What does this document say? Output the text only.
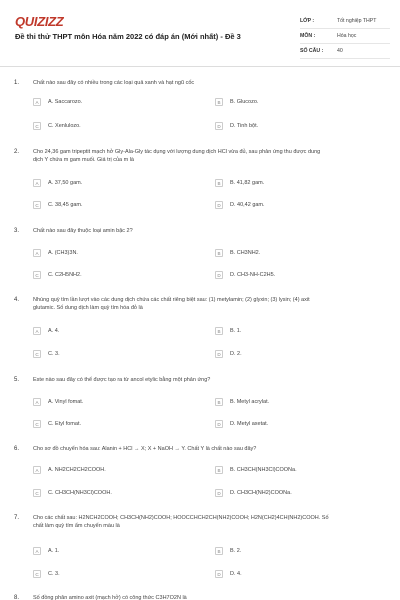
QUIZIZZ
Đề thi thử THPT môn Hóa năm 2022 có đáp án (Mới nhất) - Đề 3
LỚP :	Tốt nghiệp THPT
MÔN :	Hóa học
SỐ CÂU :	40
1.	Chất nào sau đây có nhiều trong các loại quả xanh và hạt ngũ cốc
A	A. Saccarozo.	B	B. Glucozo.
C	C. Xenlulozo.	D	D. Tinh bột.
2.	Cho 24,36 gam tripeptit mạch hở Gly-Ala-Gly tác dụng với lượng dung dịch HCl vừa đủ, sau phản ứng thu được dung
dịch Y chứa m gam muối. Giá trị của m là
A	A. 37,50 gam.	B	B. 41,82 gam.
C	C. 38,45 gam.	D	D. 40,42 gam.
3.	Chất nào sau đây thuộc loại amin bậc 2?
A	A. (CH3)3N.	B	B. CH3NH2.
C	C. C2H5NH2.	D	D. CH3-NH-C2H5.
4.	Nhúng quỳ tím lần lượt vào các dung dịch chứa các chất riêng biệt sau: (1) metylamin; (2) glyxin; (3) lysin; (4) axit
glutamic. Số dung dịch làm quỳ tím hóa đỏ là
A	A. 4.	B	B. 1.
C	C. 3.	D	D. 2.
5.	Este nào sau đây có thể được tạo ra từ ancol etylic bằng một phản ứng?
A	A. Vinyl fomat.	B	B. Metyl acrylat.
C	C. Etyl fomat.	D	D. Metyl axetat.
6.	Cho sơ đồ chuyển hóa sau: Alanin + HCl → X; X + NaOH → Y. Chất Y là chất nào sau đây?
A	A. NH2CH2CH2COOH.	B	B. CH3CH(NH3Cl)COONa.
C	C. CH3CH(NH3Cl)COOH.	D	D. CH3CH(NH2)COONa.
7.	Cho các chất sau: H2NCH2COOH; CH3CH(NH2)COOH; HOOCCHCH2CH(NH2)COOH; H2N(CH2)4CH(NH2)COOH. Số
chất làm quỳ tím ẩm chuyển màu là
A	A. 1.	B	B. 2.
C	C. 3.	D	D. 4.
8.	Số đồng phân amino axit (mạch hở) có công thức C3H7O2N là
